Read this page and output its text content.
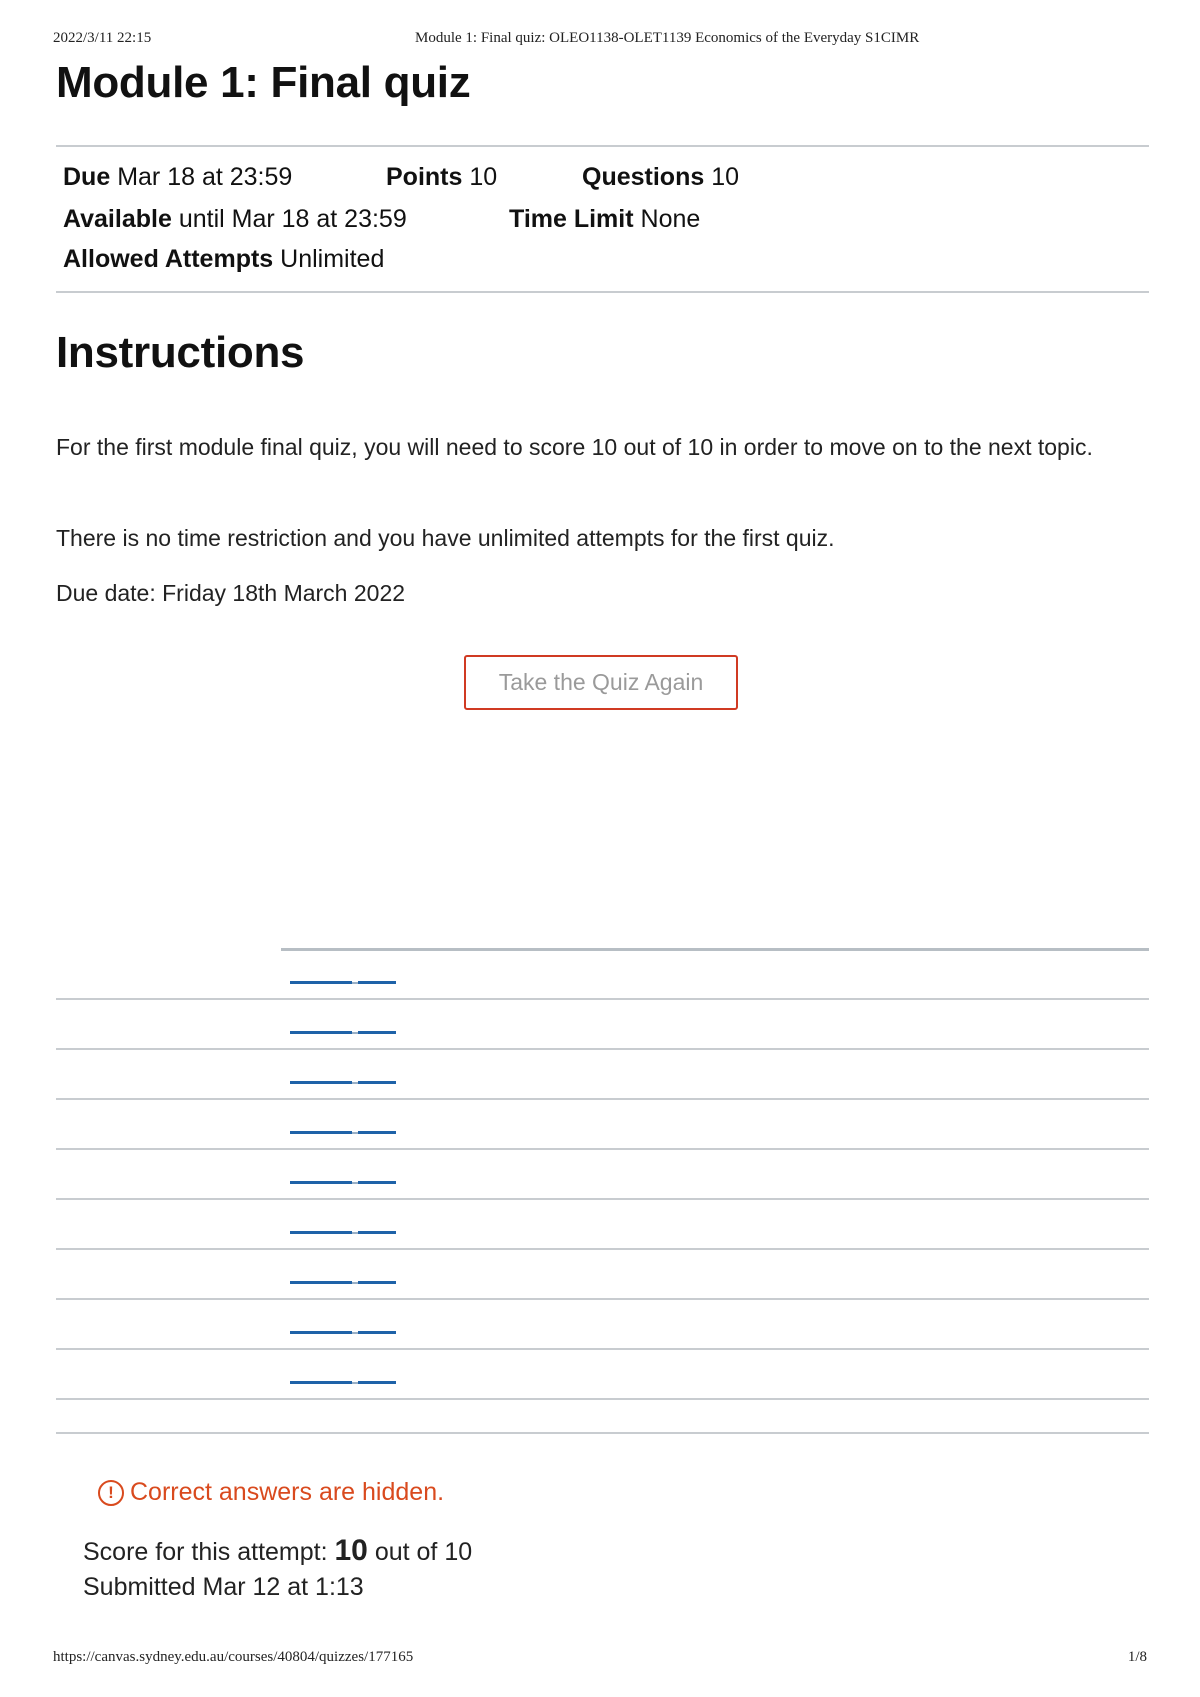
2022/3/11 22:15	Module 1: Final quiz: OLEO1138-OLET1139 Economics of the Everyday S1CIMR
Module 1: Final quiz
Due Mar 18 at 23:59	Points 10	Questions 10
Available until Mar 18 at 23:59	Time Limit None
Allowed Attempts Unlimited
Instructions

For the first module final quiz, you will need to score 10 out of 10 in order to move on to the next topic.

There is no time restriction and you have unlimited attempts for the first quiz.

Due date: Friday 18th March 2022

Take the Quiz Again
! Correct answers are hidden.
Score for this attempt: 10 out of 10
Submitted Mar 12 at 1:13
https://canvas.sydney.edu.au/courses/40804/quizzes/177165	1/8
